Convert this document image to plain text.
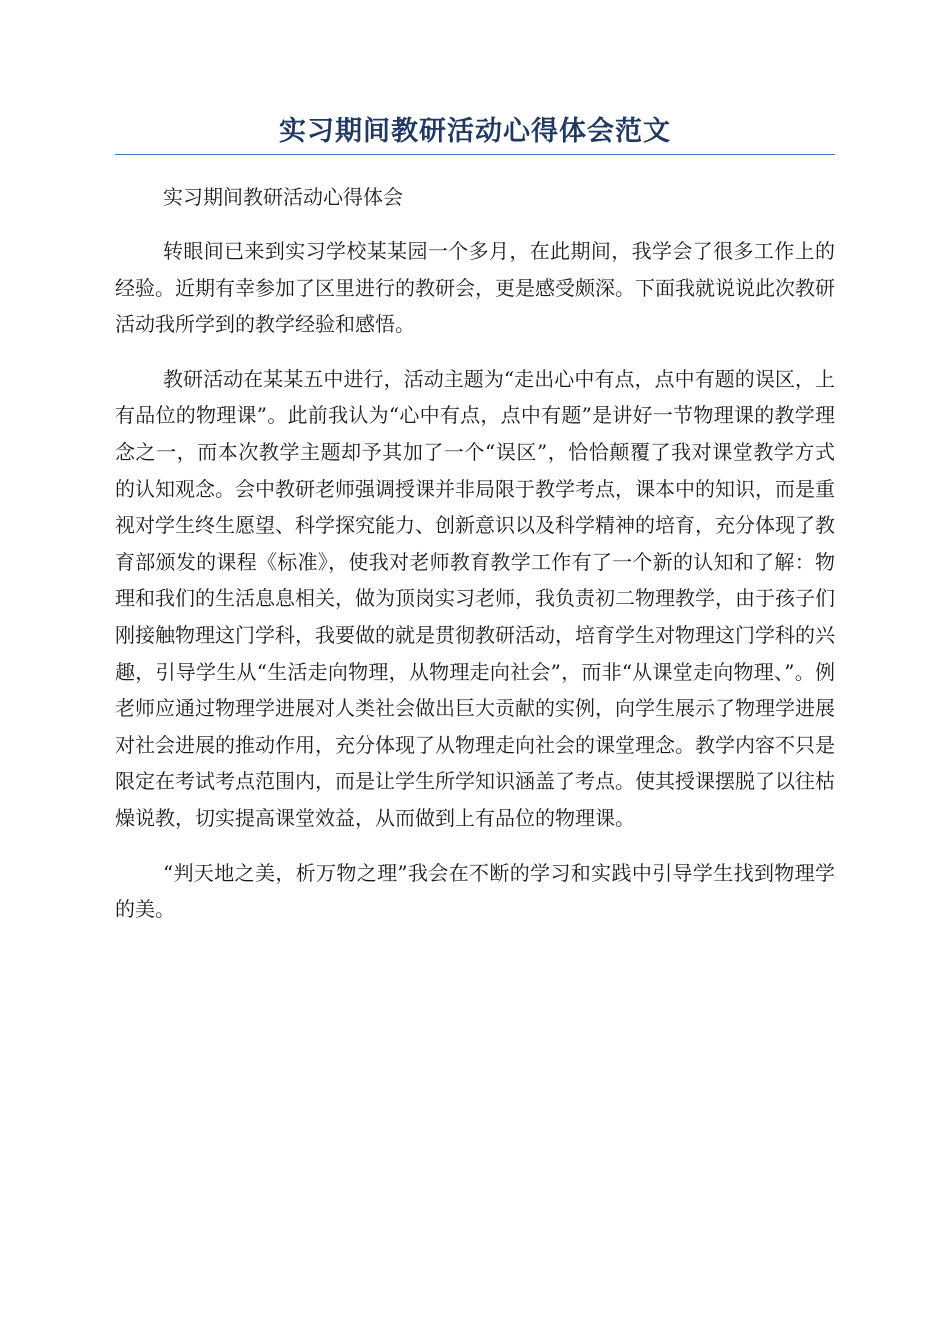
实习期间教研活动心得体会范文

实习期间教研活动心得体会

转眼间已来到实习学校某某园一个多月，在此期间，我学会了很多工作上的经验。近期有幸参加了区里进行的教研会，更是感受颇深。下面我就说说此次教研活动我所学到的教学经验和感悟。

教研活动在某某五中进行，活动主题为“走出心中有点，点中有题的误区，上有品位的物理课”。此前我认为“心中有点，点中有题”是讲好一节物理课的教学理念之一，而本次教学主题却予其加了一个“误区”，恰恰颠覆了我对课堂教学方式的认知观念。会中教研老师强调授课并非局限于教学考点，课本中的知识，而是重视对学生终生愿望、科学探究能力、创新意识以及科学精神的培育，充分体现了教育部颁发的课程《标准》，使我对老师教育教学工作有了一个新的认知和了解：物理和我们的生活息息相关，做为顶岗实习老师，我负责初二物理教学，由于孩子们刚接触物理这门学科，我要做的就是贯彻教研活动，培育学生对物理这门学科的兴趣，引导学生从“生活走向物理，从物理走向社会”，而非“从课堂走向物理、”。例老师应通过物理学进展对人类社会做出巨大贡献的实例，向学生展示了物理学进展对社会进展的推动作用，充分体现了从物理走向社会的课堂理念。教学内容不只是限定在考试考点范围内，而是让学生所学知识涵盖了考点。使其授课摆脱了以往枯燥说教，切实提高课堂效益，从而做到上有品位的物理课。

“判天地之美，析万物之理”我会在不断的学习和实践中引导学生找到物理学的美。
